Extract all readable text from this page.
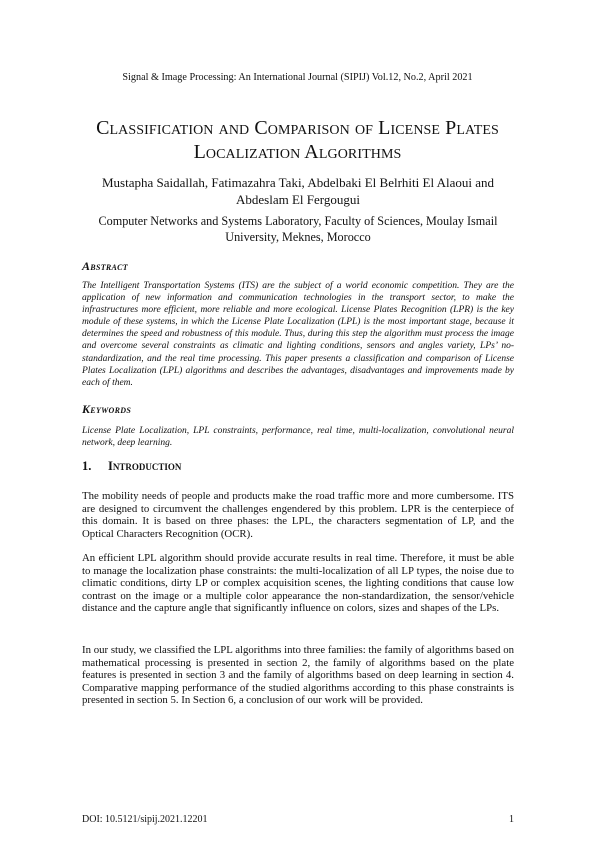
Signal & Image Processing: An International Journal (SIPIJ) Vol.12, No.2, April 2021
Classification and Comparison of License Plates Localization Algorithms
Mustapha Saidallah, Fatimazahra Taki, Abdelbaki El Belrhiti El Alaoui and Abdeslam El Fergougui
Computer Networks and Systems Laboratory, Faculty of Sciences, Moulay Ismail University, Meknes, Morocco
Abstract
The Intelligent Transportation Systems (ITS) are the subject of a world economic competition. They are the application of new information and communication technologies in the transport sector, to make the infrastructures more efficient, more reliable and more ecological. License Plates Recognition (LPR) is the key module of these systems, in which the License Plate Localization (LPL) is the most important stage, because it determines the speed and robustness of this module. Thus, during this step the algorithm must process the image and overcome several constraints as climatic and lighting conditions, sensors and angles variety, LPs’ no-standardization, and the real time processing. This paper presents a classification and comparison of License Plates Localization (LPL) algorithms and describes the advantages, disadvantages and improvements made by each of them.
Keywords
License Plate Localization, LPL constraints, performance, real time, multi-localization, convolutional neural network, deep learning.
1. Introduction
The mobility needs of people and products make the road traffic more and more cumbersome. ITS are designed to circumvent the challenges engendered by this problem. LPR is the centerpiece of this domain. It is based on three phases: the LPL, the characters segmentation of LP, and the Optical Characters Recognition (OCR).
An efficient LPL algorithm should provide accurate results in real time. Therefore, it must be able to manage the localization phase constraints: the multi-localization of all LP types, the noise due to climatic conditions, dirty LP or complex acquisition scenes, the lighting conditions that cause low contrast on the image or a multiple color appearance the non-standardization, the sensor/vehicle distance and the capture angle that significantly influence on colors, sizes and shapes of the LPs.
In our study, we classified the LPL algorithms into three families: the family of algorithms based on mathematical processing is presented in section 2, the family of algorithms based on the plate features is presented in section 3 and the family of algorithms based on deep learning in section 4. Comparative mapping performance of the studied algorithms according to this phase constraints is presented in section 5. In Section 6, a conclusion of our work will be provided.
DOI: 10.5121/sipij.2021.12201	1
